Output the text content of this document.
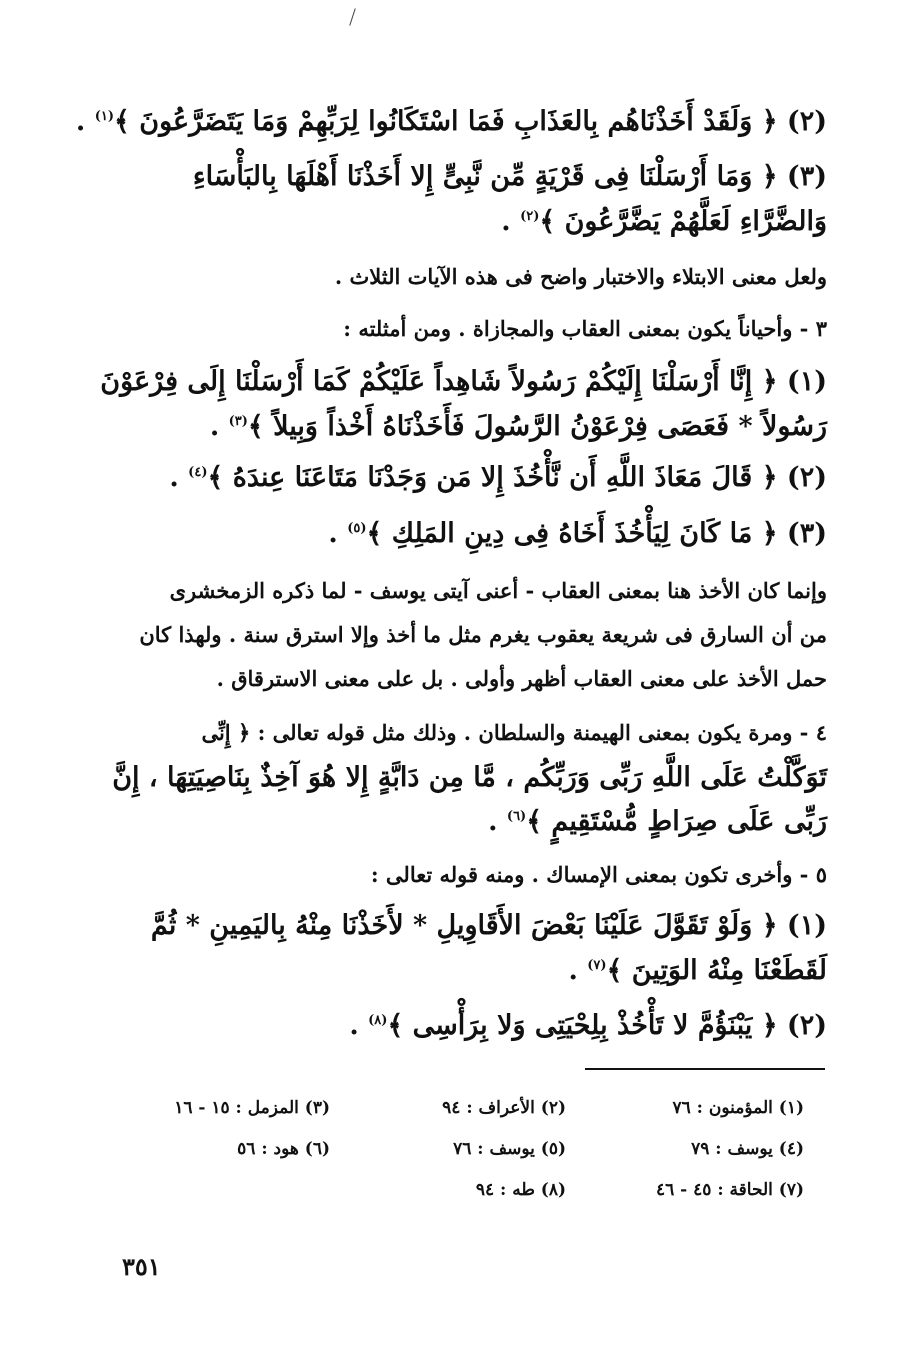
(٢) ﴿ وَلَقَدْ أَخَذْنَاهُم بِالعَذَابِ فَمَا اسْتَكَانُوا لِرَبِّهِمْ وَمَا يَتَضَرَّعُونَ ﴾$^{(١)}$ .
(٣) ﴿ وَمَا أَرْسَلْنَا فِى قَرْيَةٍ مِّن نَّبِىٍّ إِلا أَخَذْنَا أَهْلَهَا بِالبَأْسَاءِ
وَالضَّرَّاءِ لَعَلَّهُمْ يَضَّرَّعُونَ ﴾$^{(٢)}$ .
ولعل معنى الابتلاء والاختبار واضح فى هذه الآيات الثلاث .
٣ - وأحياناً يكون بمعنى العقاب والمجازاة . ومن أمثلته :
(١) ﴿ إِنَّا أَرْسَلْنَا إِلَيْكُمْ رَسُولاً شَاهِداً عَلَيْكُمْ كَمَا أَرْسَلْنَا إِلَى فِرْعَوْنَ
رَسُولاً * فَعَصَى فِرْعَوْنُ الرَّسُولَ فَأَخَذْنَاهُ أَخْذاً وَبِيلاً ﴾$^{(٣)}$ .
(٢) ﴿ قَالَ مَعَاذَ اللَّهِ أَن نَّأْخُذَ إِلا مَن وَجَدْنَا مَتَاعَنَا عِندَهُ ﴾$^{(٤)}$ .
(٣) ﴿ مَا كَانَ لِيَأْخُذَ أَخَاهُ فِى دِينِ المَلِكِ ﴾$^{(٥)}$ .
وإنما كان الأخذ هنا بمعنى العقاب - أعنى آيتى يوسف - لما ذكره الزمخشرى
من أن السارق فى شريعة يعقوب يغرم مثل ما أخذ وإلا استرق سنة . ولهذا كان
حمل الأخذ على معنى العقاب أظهر وأولى . بل على معنى الاسترقاق .
٤ - ومرة يكون بمعنى الهيمنة والسلطان . وذلك مثل قوله تعالى : ﴿ إِنِّى
تَوَكَّلْتُ عَلَى اللَّهِ رَبِّى وَرَبِّكُم ، مَّا مِن دَابَّةٍ إِلا هُوَ آخِذٌ بِنَاصِيَتِهَا ، إِنَّ
رَبِّى عَلَى صِرَاطٍ مُّسْتَقِيمٍ ﴾$^{(٦)}$ .
٥ - وأخرى تكون بمعنى الإمساك . ومنه قوله تعالى :
(١) ﴿ وَلَوْ تَقَوَّلَ عَلَيْنَا بَعْضَ الأَقَاوِيلِ * لأَخَذْنَا مِنْهُ بِاليَمِينِ * ثُمَّ
لَقَطَعْنَا مِنْهُ الوَتِينَ ﴾$^{(٧)}$ .
(٢) ﴿ يَبْنَؤُمَّ لا تَأْخُذْ بِلِحْيَتِى وَلا بِرَأْسِى ﴾$^{(٨)}$ .
(١) المؤمنون : ٧٦
(٢) الأعراف : ٩٤
(٣) المزمل : ١٥ - ١٦
(٤) يوسف : ٧٩
(٥) يوسف : ٧٦
(٦) هود : ٥٦
(٧) الحاقة : ٤٥ - ٤٦
(٨) طه : ٩٤
٣٥١
